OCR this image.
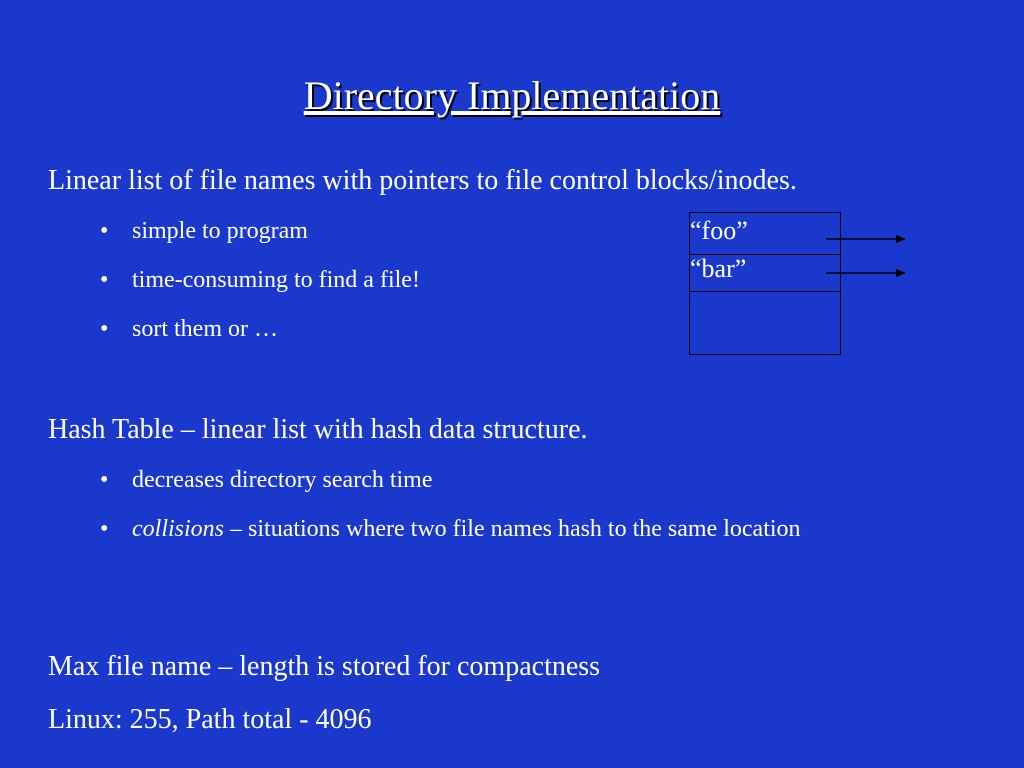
Directory Implementation
Linear list of file names with pointers to file control blocks/inodes.
• simple to program
• time-consuming to find a file!
• sort them or …
“foo”
“bar”
Hash Table – linear list with hash data structure.
• decreases directory search time
• collisions – situations where two file names hash to the same location
Max file name – length is stored for compactness
Linux: 255, Path total - 4096
